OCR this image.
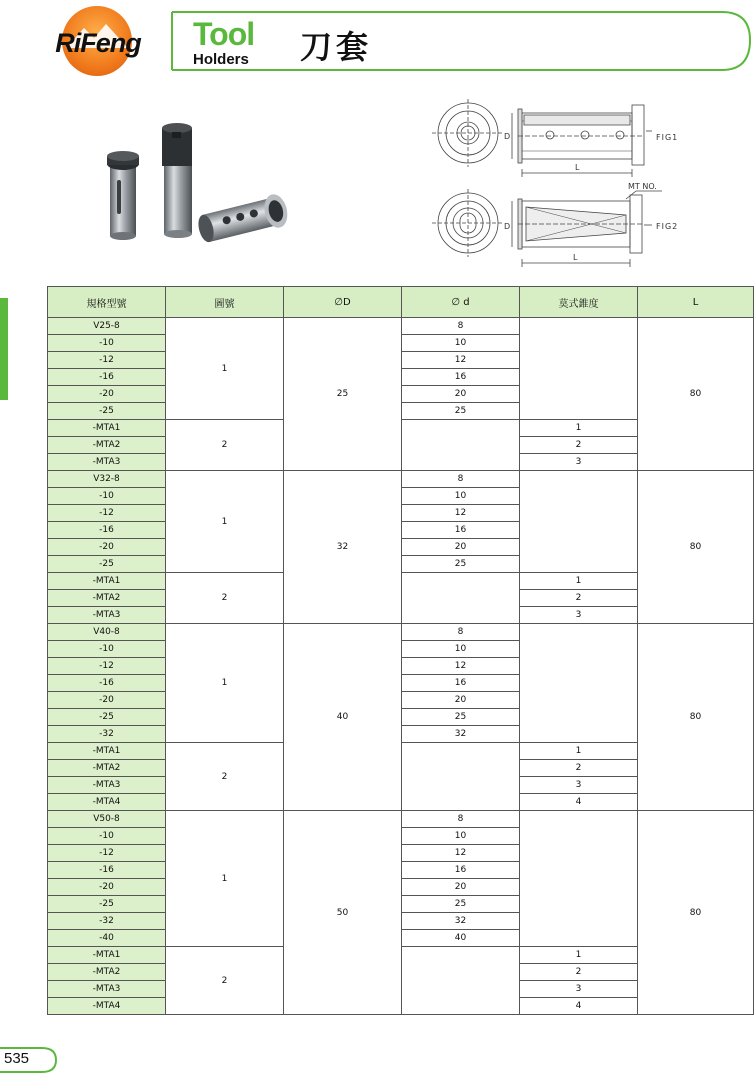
RiFeng Tool
Holders 刀套
D
L
FIG1
D
L
MT NO.
FIG2
規格型號	圖號	∅D	∅ d	莫式錐度	L
V25-8	1	25	8		80
-10			10		
-12			12		
-16			16		
-20			20		
-25			25		
-MTA1	2			1	
-MTA2				2	
-MTA3				3	
V32-8	1	32	8		80
-10			10		
-12			12		
-16			16		
-20			20		
-25			25		
-MTA1	2			1	
-MTA2				2	
-MTA3				3	
V40-8	1	40	8		80
-10			10		
-12			12		
-16			16		
-20			20		
-25			25		
-32			32		
-MTA1	2			1	
-MTA2				2	
-MTA3				3	
-MTA4				4	
V50-8	1	50	8		80
-10			10		
-12			12		
-16			16		
-20			20		
-25			25		
-32			32		
-40			40		
-MTA1	2			1	
-MTA2				2	
-MTA3				3	
-MTA4				4	
535
